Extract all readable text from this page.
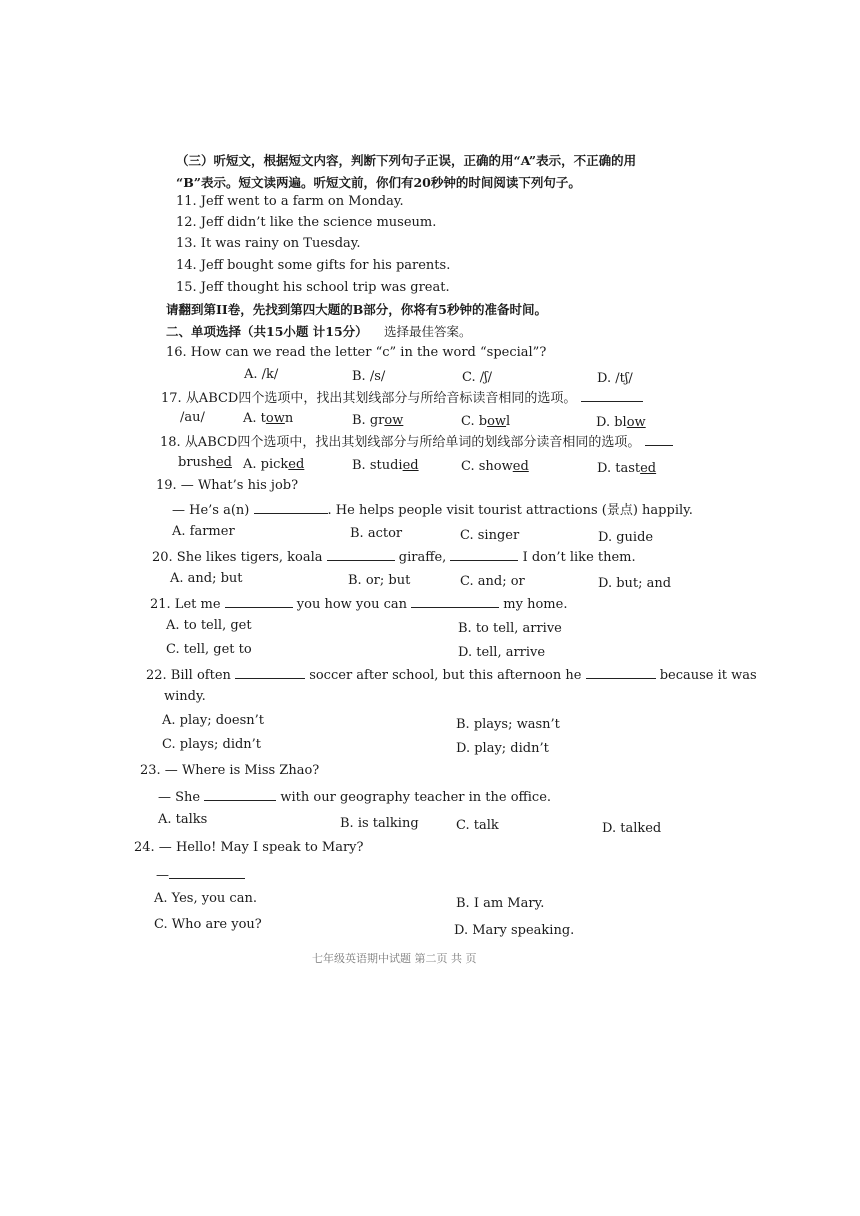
（三）听短文，根据短文内容，判断下列句子正误，正确的用“A”表示，不正确的用
“B”表示。短文读两遍。听短文前，你们有20秒钟的时间阅读下列句子。
11. Jeff went to a farm on Monday.
12. Jeff didn’t like the science museum.
13. It was rainy on Tuesday.
14. Jeff bought some gifts for his parents.
15. Jeff thought his school trip was great.
请翻到第II卷，先找到第四大题的B部分，你将有5秒钟的准备时间。
二、单项选择（共15小题 计15分） 选择最佳答案。
16. How can we read the letter “c” in the word “special”?
A. /k/	B. /s/	C. /ʃ/	D. /tʃ/
17. 从ABCD四个选项中，找出其划线部分与所给音标读音相同的选项。
/au/	A. town	B. grow	C. bowl	D. blow
18. 从ABCD四个选项中，找出其划线部分与所给单词的划线部分读音相同的选项。
brushed A. picked	B. studied	C. showed	D. tasted
19. — What’s his job?
— He’s a(n)	. He helps people visit tourist attractions (景点) happily.
A. farmer	B. actor	C. singer	D. guide
20. She likes tigers, koala	giraffe,	I don’t like them.
A. and; but	B. or; but	C. and; or	D. but; and
21. Let me	you how you can	my home.
A. to tell, get	B. to tell, arrive
C. tell, get to	D. tell, arrive
22. Bill often	soccer after school, but this afternoon he	because it was
windy.
A. play; doesn’t	B. plays; wasn’t
C. plays; didn’t	D. play; didn’t
23. — Where is Miss Zhao?
— She	with our geography teacher in the office.
A. talks	B. is talking	C. talk	D. talked
24. — Hello! May I speak to Mary?
—
A. Yes, you can.	B. I am Mary.
C. Who are you?	D. Mary speaking.
七年级英语期中试题 第二页 共 页
